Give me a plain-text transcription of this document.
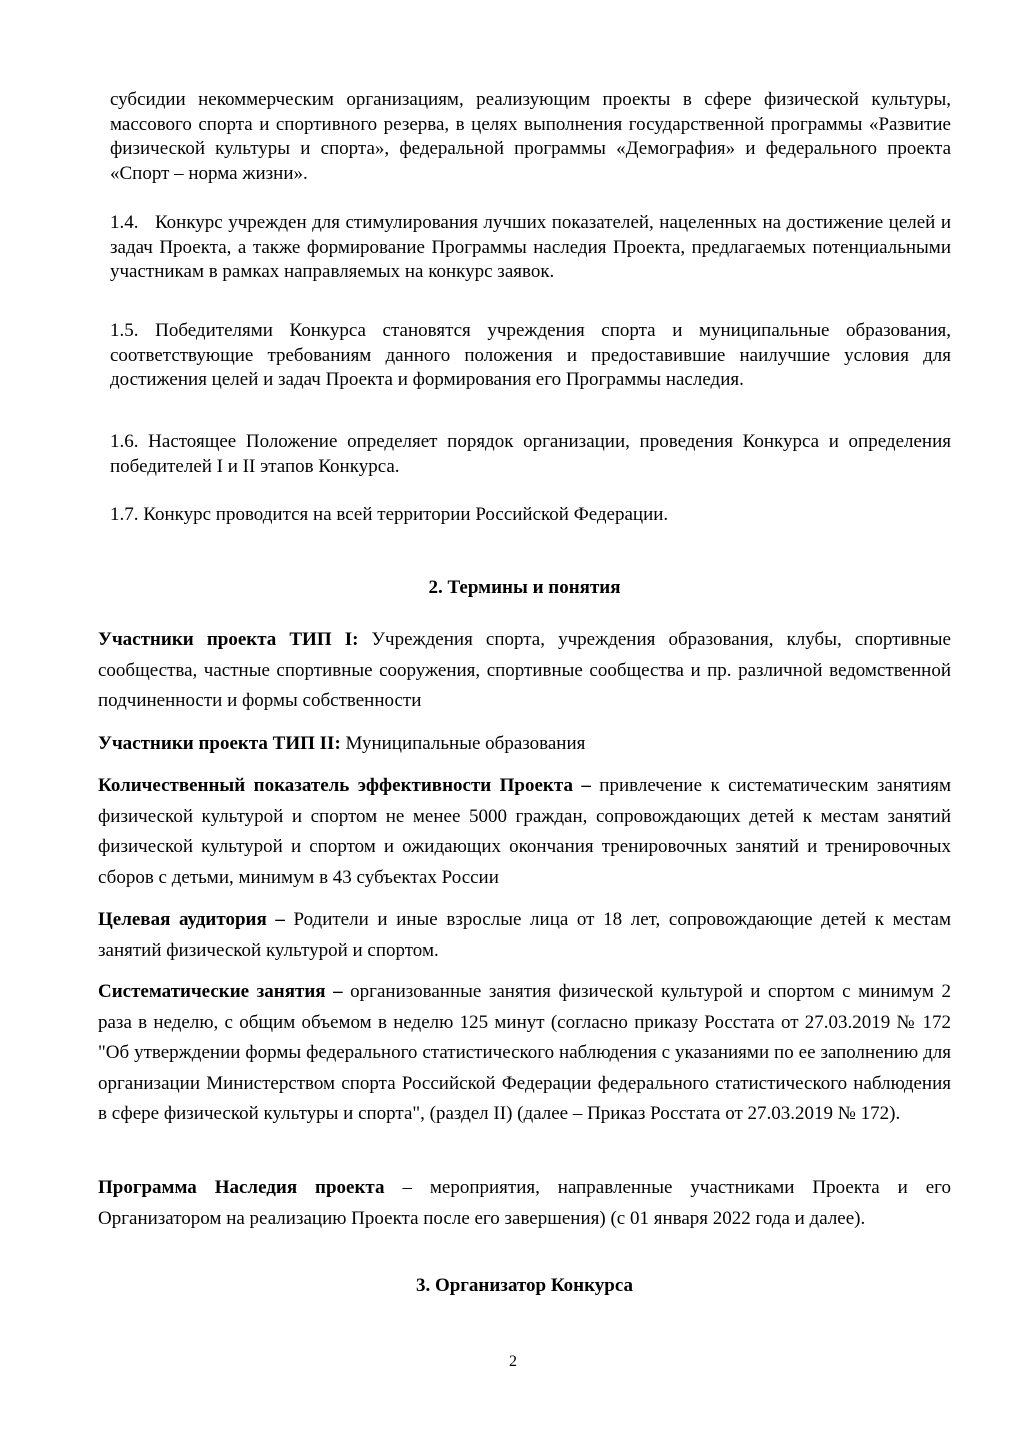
субсидии некоммерческим организациям, реализующим проекты в сфере физической культуры, массового спорта и спортивного резерва, в целях выполнения государственной программы «Развитие физической культуры и спорта», федеральной программы «Демография» и федерального проекта «Спорт – норма жизни».

1.4. Конкурс учрежден для стимулирования лучших показателей, нацеленных на достижение целей и задач Проекта, а также формирование Программы наследия Проекта, предлагаемых потенциальными участникам в рамках направляемых на конкурс заявок.

1.5. Победителями Конкурса становятся учреждения спорта и муниципальные образования, соответствующие требованиям данного положения и предоставившие наилучшие условия для достижения целей и задач Проекта и формирования его Программы наследия.

1.6. Настоящее Положение определяет порядок организации, проведения Конкурса и определения победителей I и II этапов Конкурса.

1.7. Конкурс проводится на всей территории Российской Федерации.

2. Термины и понятия

Участники проекта ТИП I: Учреждения спорта, учреждения образования, клубы, спортивные сообщества, частные спортивные сооружения, спортивные сообщества и пр. различной ведомственной подчиненности и формы собственности

Участники проекта ТИП II: Муниципальные образования

Количественный показатель эффективности Проекта – привлечение к систематическим занятиям физической культурой и спортом не менее 5000 граждан, сопровождающих детей к местам занятий физической культурой и спортом и ожидающих окончания тренировочных занятий и тренировочных сборов с детьми, минимум в 43 субъектах России

Целевая аудитория – Родители и иные взрослые лица от 18 лет, сопровождающие детей к местам занятий физической культурой и спортом.

Систематические занятия – организованные занятия физической культурой и спортом с минимум 2 раза в неделю, с общим объемом в неделю 125 минут (согласно приказу Росстата от 27.03.2019 № 172 "Об утверждении формы федерального статистического наблюдения с указаниями по ее заполнению для организации Министерством спорта Российской Федерации федерального статистического наблюдения в сфере физической культуры и спорта", (раздел II) (далее – Приказ Росстата от 27.03.2019 № 172).

Программа Наследия проекта – мероприятия, направленные участниками Проекта и его Организатором на реализацию Проекта после его завершения) (с 01 января 2022 года и далее).

3. Организатор Конкурса
2
